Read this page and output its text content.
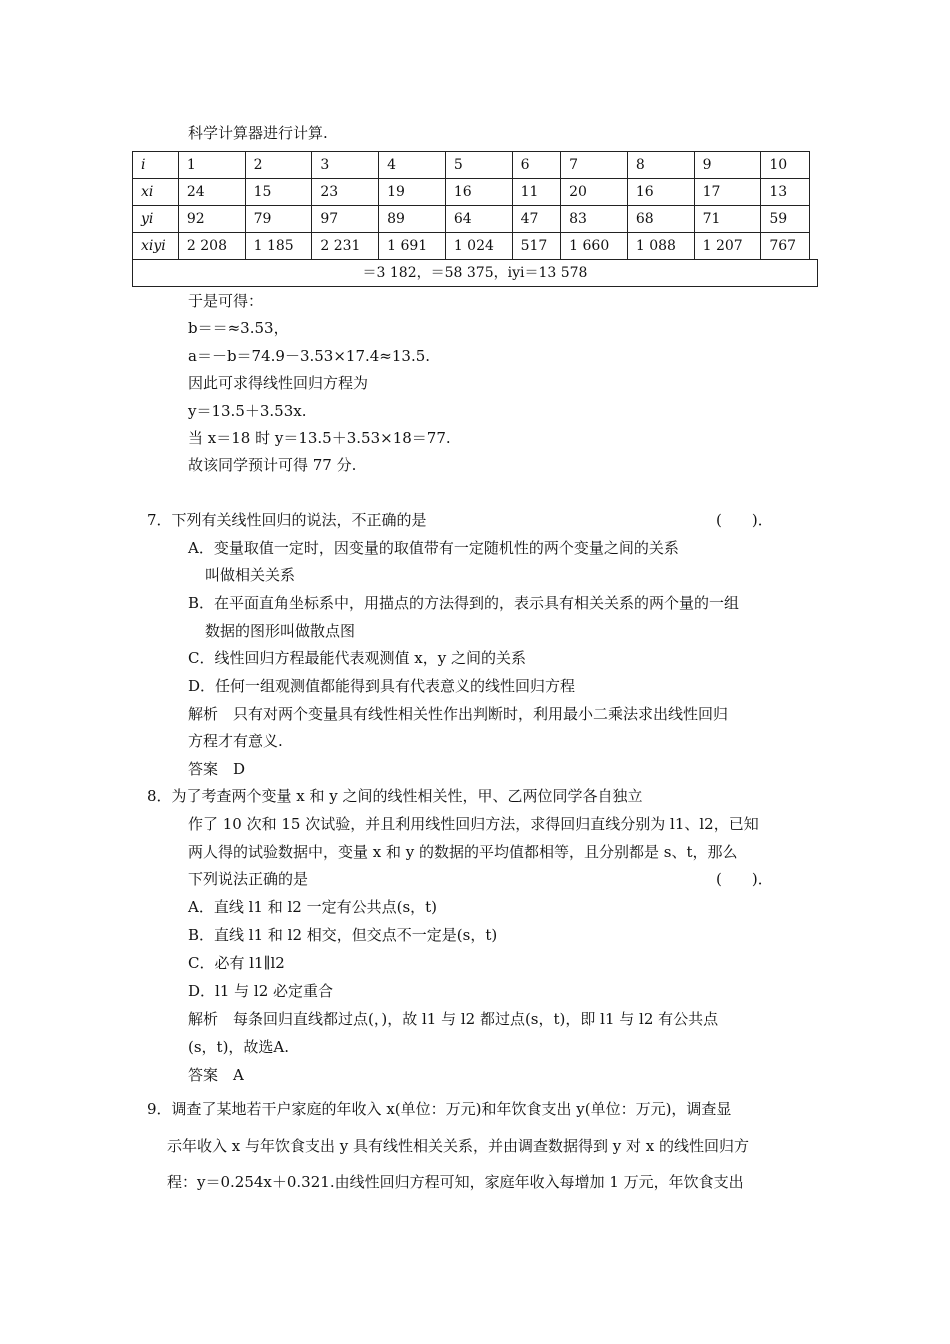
科学计算器进行计算.
i	1	2	3	4	5	6	7	8	9	10
xi	24	15	23	19	16	11	20	16	17	13
yi	92	79	97	89	64	47	83	68	71	59
xiyi	2 208	1 185	2 231	1 691	1 024	517	1 660	1 088	1 207	767
＝3 182，＝58 375，iyi＝13 578
于是可得：
b＝＝≈3.53，
a＝－b＝74.9－3.53×17.4≈13.5.
因此可求得线性回归方程为
y＝13.5＋3.53x.
当 x＝18 时 y＝13.5＋3.53×18＝77.
故该同学预计可得 77 分.
7．下列有关线性回归的说法，不正确的是	(　　)．
A．变量取值一定时，因变量的取值带有一定随机性的两个变量之间的关系
叫做相关关系
B．在平面直角坐标系中，用描点的方法得到的，表示具有相关关系的两个量的一组
数据的图形叫做散点图
C．线性回归方程最能代表观测值 x，y 之间的关系
D．任何一组观测值都能得到具有代表意义的线性回归方程
解析　只有对两个变量具有线性相关性作出判断时，利用最小二乘法求出线性回归
方程才有意义.
答案　D
8．为了考查两个变量 x 和 y 之间的线性相关性，甲、乙两位同学各自独立
作了 10 次和 15 次试验，并且利用线性回归方法，求得回归直线分别为 l1、l2，已知
两人得的试验数据中，变量 x 和 y 的数据的平均值都相等，且分别都是 s、t，那么
下列说法正确的是	(　　)．
A．直线 l1 和 l2 一定有公共点(s，t)
B．直线 l1 和 l2 相交，但交点不一定是(s，t)
C．必有 l1∥l2
D．l1 与 l2 必定重合
解析　每条回归直线都过点(，)，故 l1 与 l2 都过点(s，t)，即 l1 与 l2 有公共点
(s，t)，故选A.
答案　A
9．调查了某地若干户家庭的年收入 x(单位：万元)和年饮食支出 y(单位：万元)，调查显
示年收入 x 与年饮食支出 y 具有线性相关关系，并由调查数据得到 y 对 x 的线性回归方
程：y＝0.254x＋0.321.由线性回归方程可知，家庭年收入每增加 1 万元，年饮食支出
